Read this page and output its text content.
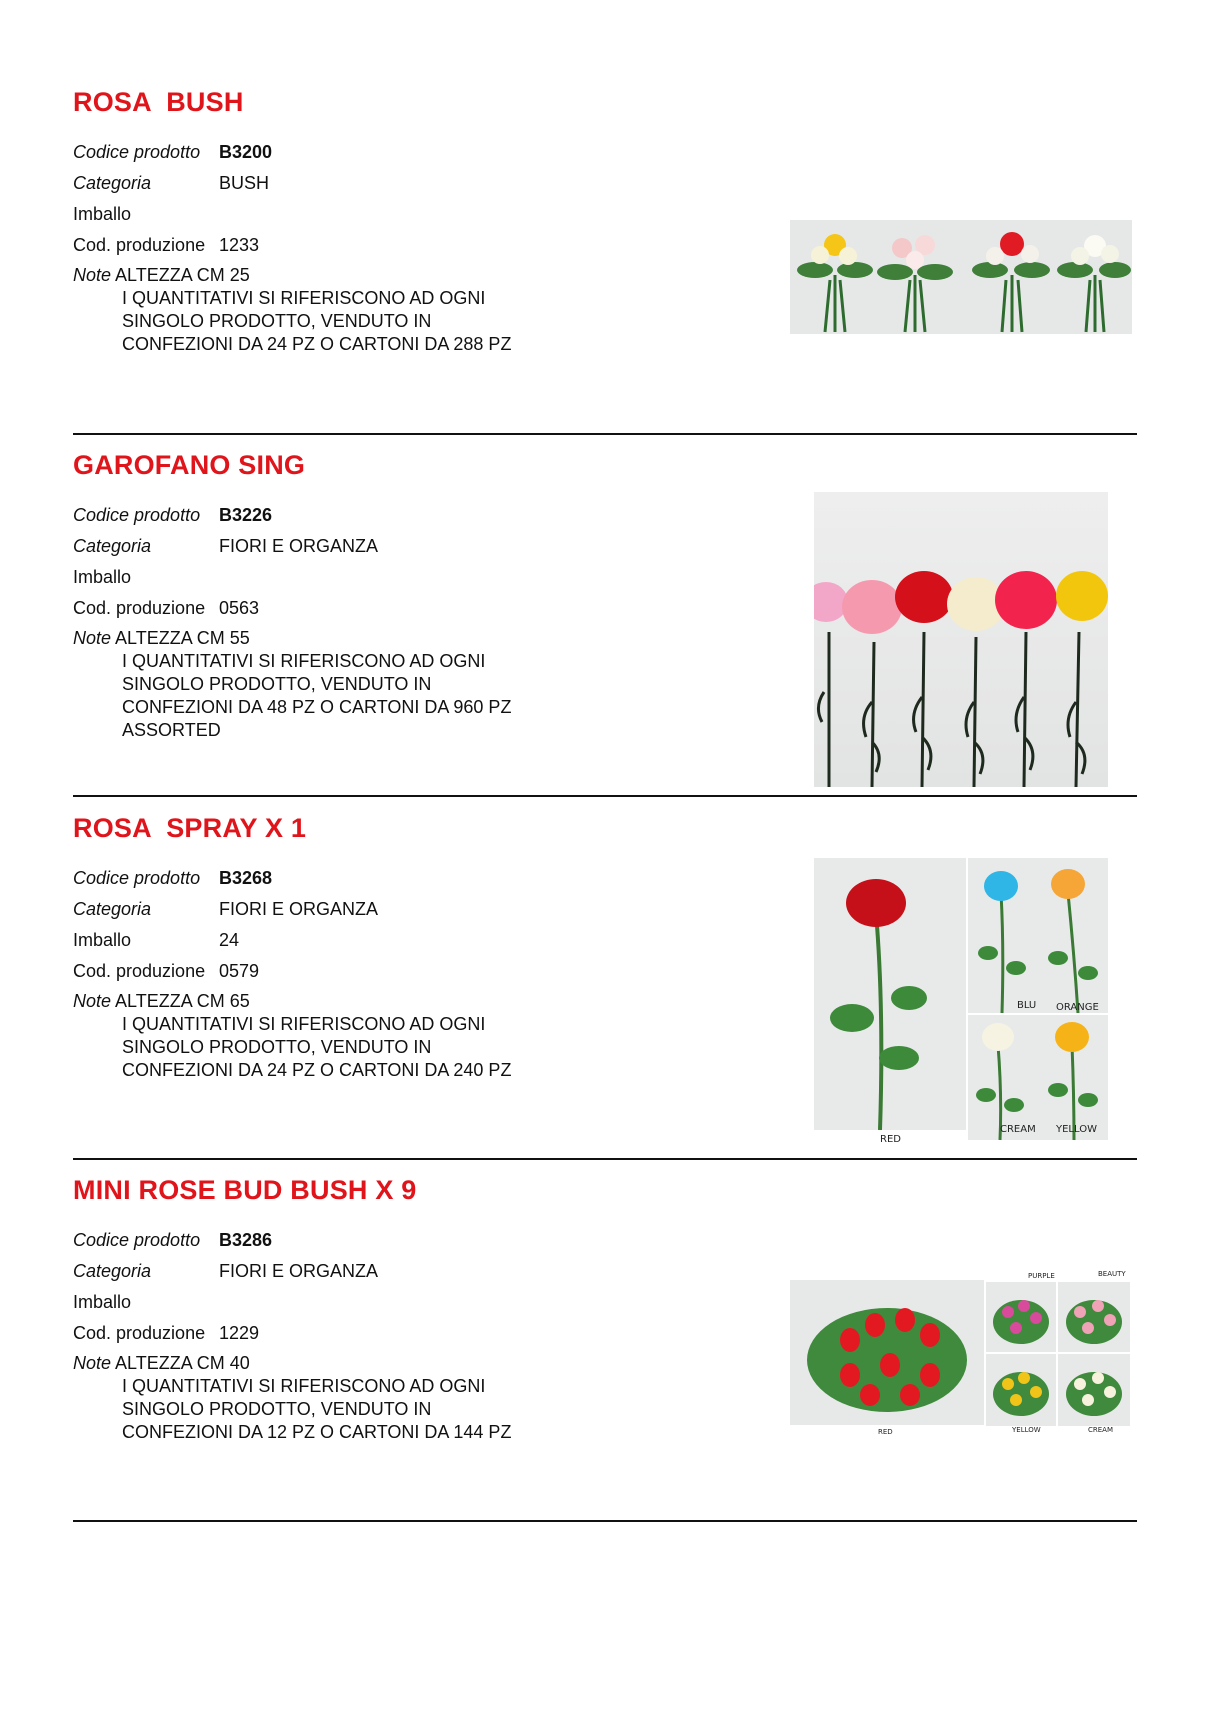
ROSA  BUSH
Codice prodotto B3200
Categoria	BUSH
Imballo
Cod. produzione 1233
Note ALTEZZA CM 25
I QUANTITATIVI SI RIFERISCONO AD OGNI
SINGOLO PRODOTTO, VENDUTO IN
CONFEZIONI DA 24 PZ O CARTONI DA 288 PZ
GAROFANO SING
Codice prodotto B3226
Categoria	FIORI E ORGANZA
Imballo
Cod. produzione 0563
Note ALTEZZA CM 55
I QUANTITATIVI SI RIFERISCONO AD OGNI
SINGOLO PRODOTTO, VENDUTO IN
CONFEZIONI DA 48 PZ O CARTONI DA 960 PZ
ASSORTED
ROSA  SPRAY X 1
Codice prodotto B3268
Categoria	FIORI E ORGANZA
Imballo	24
Cod. produzione 0579
Note ALTEZZA CM 65
I QUANTITATIVI SI RIFERISCONO AD OGNI
SINGOLO PRODOTTO, VENDUTO IN
CONFEZIONI DA 24 PZ O CARTONI DA 240 PZ
RED
BLU ORANGE
CREAM YELLOW
MINI ROSE BUD BUSH X 9
Codice prodotto B3286
Categoria	FIORI E ORGANZA
Imballo
Cod. produzione 1229
Note ALTEZZA CM 40
I QUANTITATIVI SI RIFERISCONO AD OGNI
SINGOLO PRODOTTO, VENDUTO IN
CONFEZIONI DA 12 PZ O CARTONI DA 144 PZ	RED
PURPLE	BEAUTY
YELLOW	CREAM
